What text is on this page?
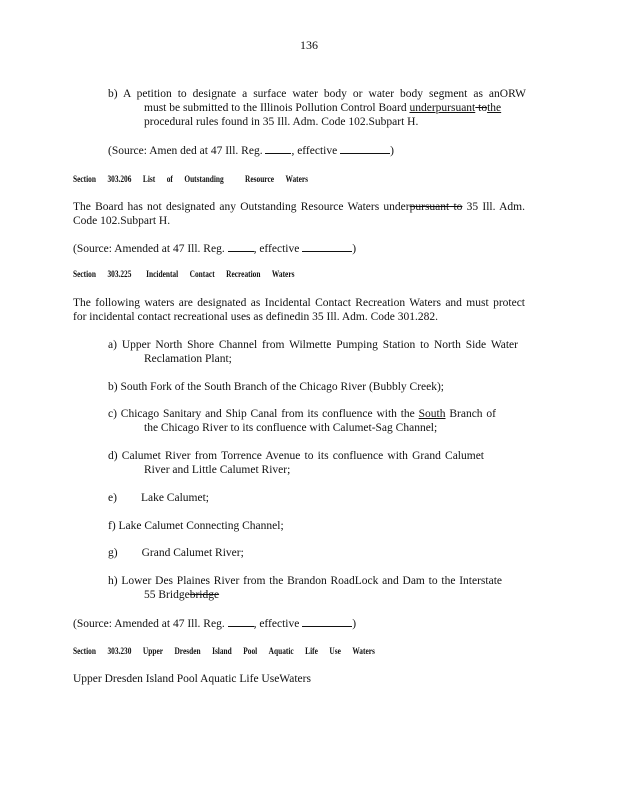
136
b) A petition to designate a surface water body or water body segment as anORW
must be submitted to the Illinois Pollution Control Board underpursuant tothe
procedural rules found in 35 Ill. Adm. Code 102.Subpart H.
(Source: Amen ded at 47 Ill. Reg.	, effective	)
Section 303.206 List of Outstanding Resource Waters
The Board has not designated any Outstanding Resource Waters underpursuant to 35 Ill. Adm.
Code 102.Subpart H.
(Source: Amended at 47 Ill. Reg.	, effective	)
Section 303.225 Incidental Contact Recreation Waters
The following waters are designated as Incidental Contact Recreation Waters and must protect
for incidental contact recreational uses as definedin 35 Ill. Adm. Code 301.282.
a) Upper North Shore Channel from Wilmette Pumping Station to North Side Water
Reclamation Plant;
b) South Fork of the South Branch of the Chicago River (Bubbly Creek);
c) Chicago Sanitary and Ship Canal from its confluence with the South Branch of
the Chicago River to its confluence with Calumet-Sag Channel;
d) Calumet River from Torrence Avenue to its confluence with Grand Calumet
River and Little Calumet River;
e) Lake Calumet;
f) Lake Calumet Connecting Channel;
g) Grand Calumet River;
h) Lower Des Plaines River from the Brandon RoadLock and Dam to the Interstate
55 Bridgebridge
(Source: Amended at 47 Ill. Reg.	, effective	)
Section 303.230 Upper Dresden Island Pool Aquatic Life Use Waters
Upper Dresden Island Pool Aquatic Life UseWaters
